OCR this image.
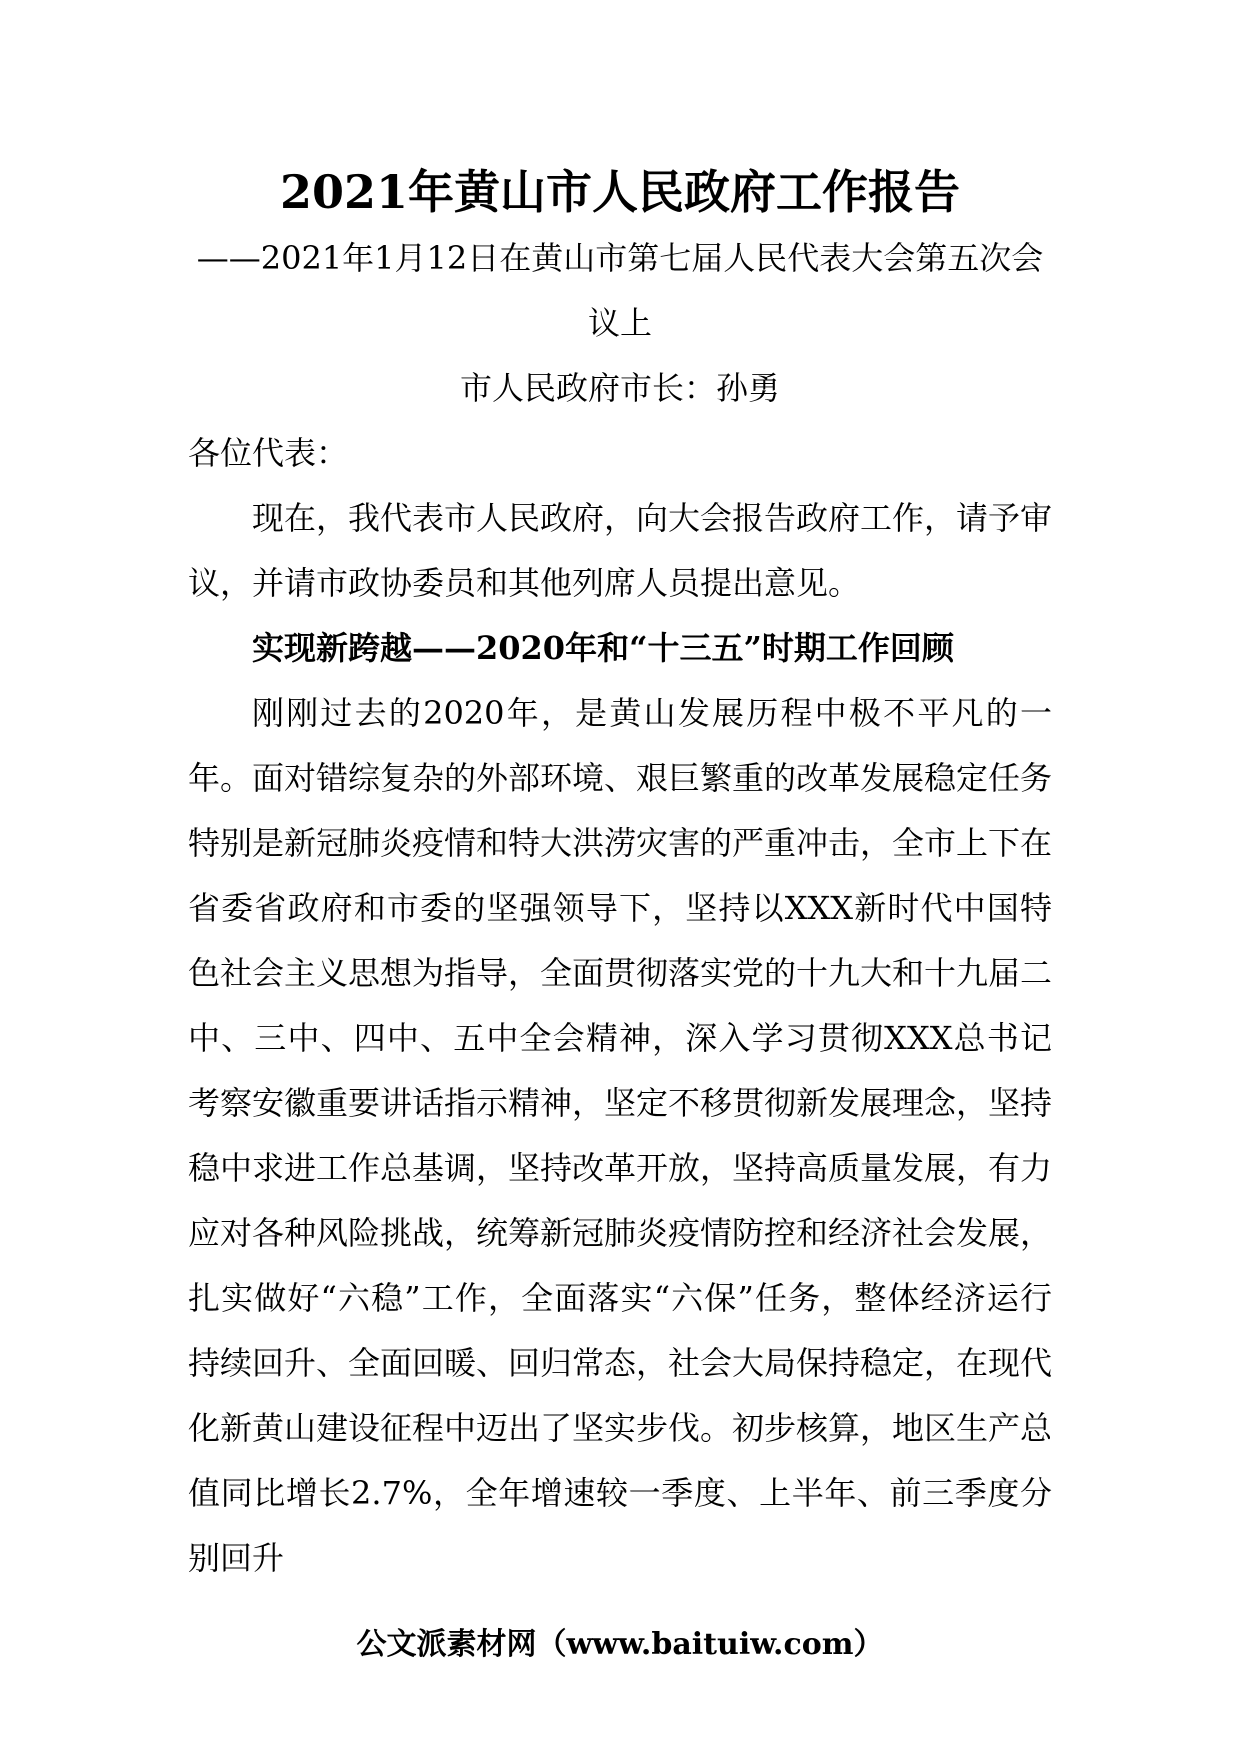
2021年黄山市人民政府工作报告

——2021年1月12日在黄山市第七届人民代表大会第五次会议上

市人民政府市长：孙勇

各位代表：

现在，我代表市人民政府，向大会报告政府工作，请予审议，并请市政协委员和其他列席人员提出意见。

实现新跨越——2020年和“十三五”时期工作回顾

刚刚过去的2020年，是黄山发展历程中极不平凡的一年。面对错综复杂的外部环境、艰巨繁重的改革发展稳定任务特别是新冠肺炎疫情和特大洪涝灾害的严重冲击，全市上下在省委省政府和市委的坚强领导下，坚持以XXX新时代中国特色社会主义思想为指导，全面贯彻落实党的十九大和十九届二中、三中、四中、五中全会精神，深入学习贯彻XXX总书记考察安徽重要讲话指示精神，坚定不移贯彻新发展理念，坚持稳中求进工作总基调，坚持改革开放，坚持高质量发展，有力应对各种风险挑战，统筹新冠肺炎疫情防控和经济社会发展，扎实做好“六稳”工作，全面落实“六保”任务，整体经济运行持续回升、全面回暖、回归常态，社会大局保持稳定，在现代化新黄山建设征程中迈出了坚实步伐。初步核算，地区生产总值同比增长2.7%，全年增速较一季度、上半年、前三季度分别回升

公文派素材网（www.baituiw.com）
